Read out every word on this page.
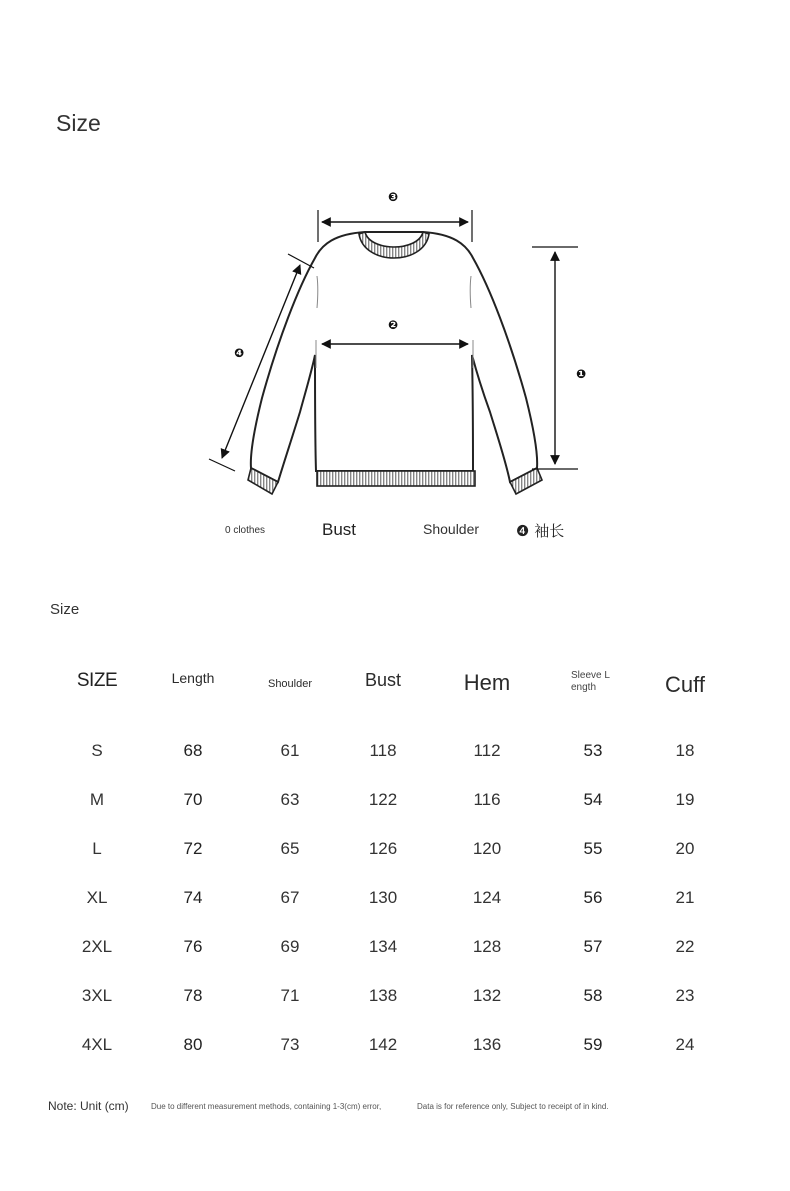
Size
❸
❷
❶
❹
0 clothes	Bust	Shoulder ❹ 袖长
Size
SIZE	Length	Shoulder	Bust	Hem	Sleeve L ength	Cuff
S	68	61	118	112	53	18
M	70	63	122	116	54	19
L	72	65	126	120	55	20
XL	74	67	130	124	56	21
2XL	76	69	134	128	57	22
3XL	78	71	138	132	58	23
4XL	80	73	142	136	59	24
Note: Unit (cm)	Due to different measurement methods, containing 1-3(cm) error,	Data is for reference only, Subject to receipt of in kind.
